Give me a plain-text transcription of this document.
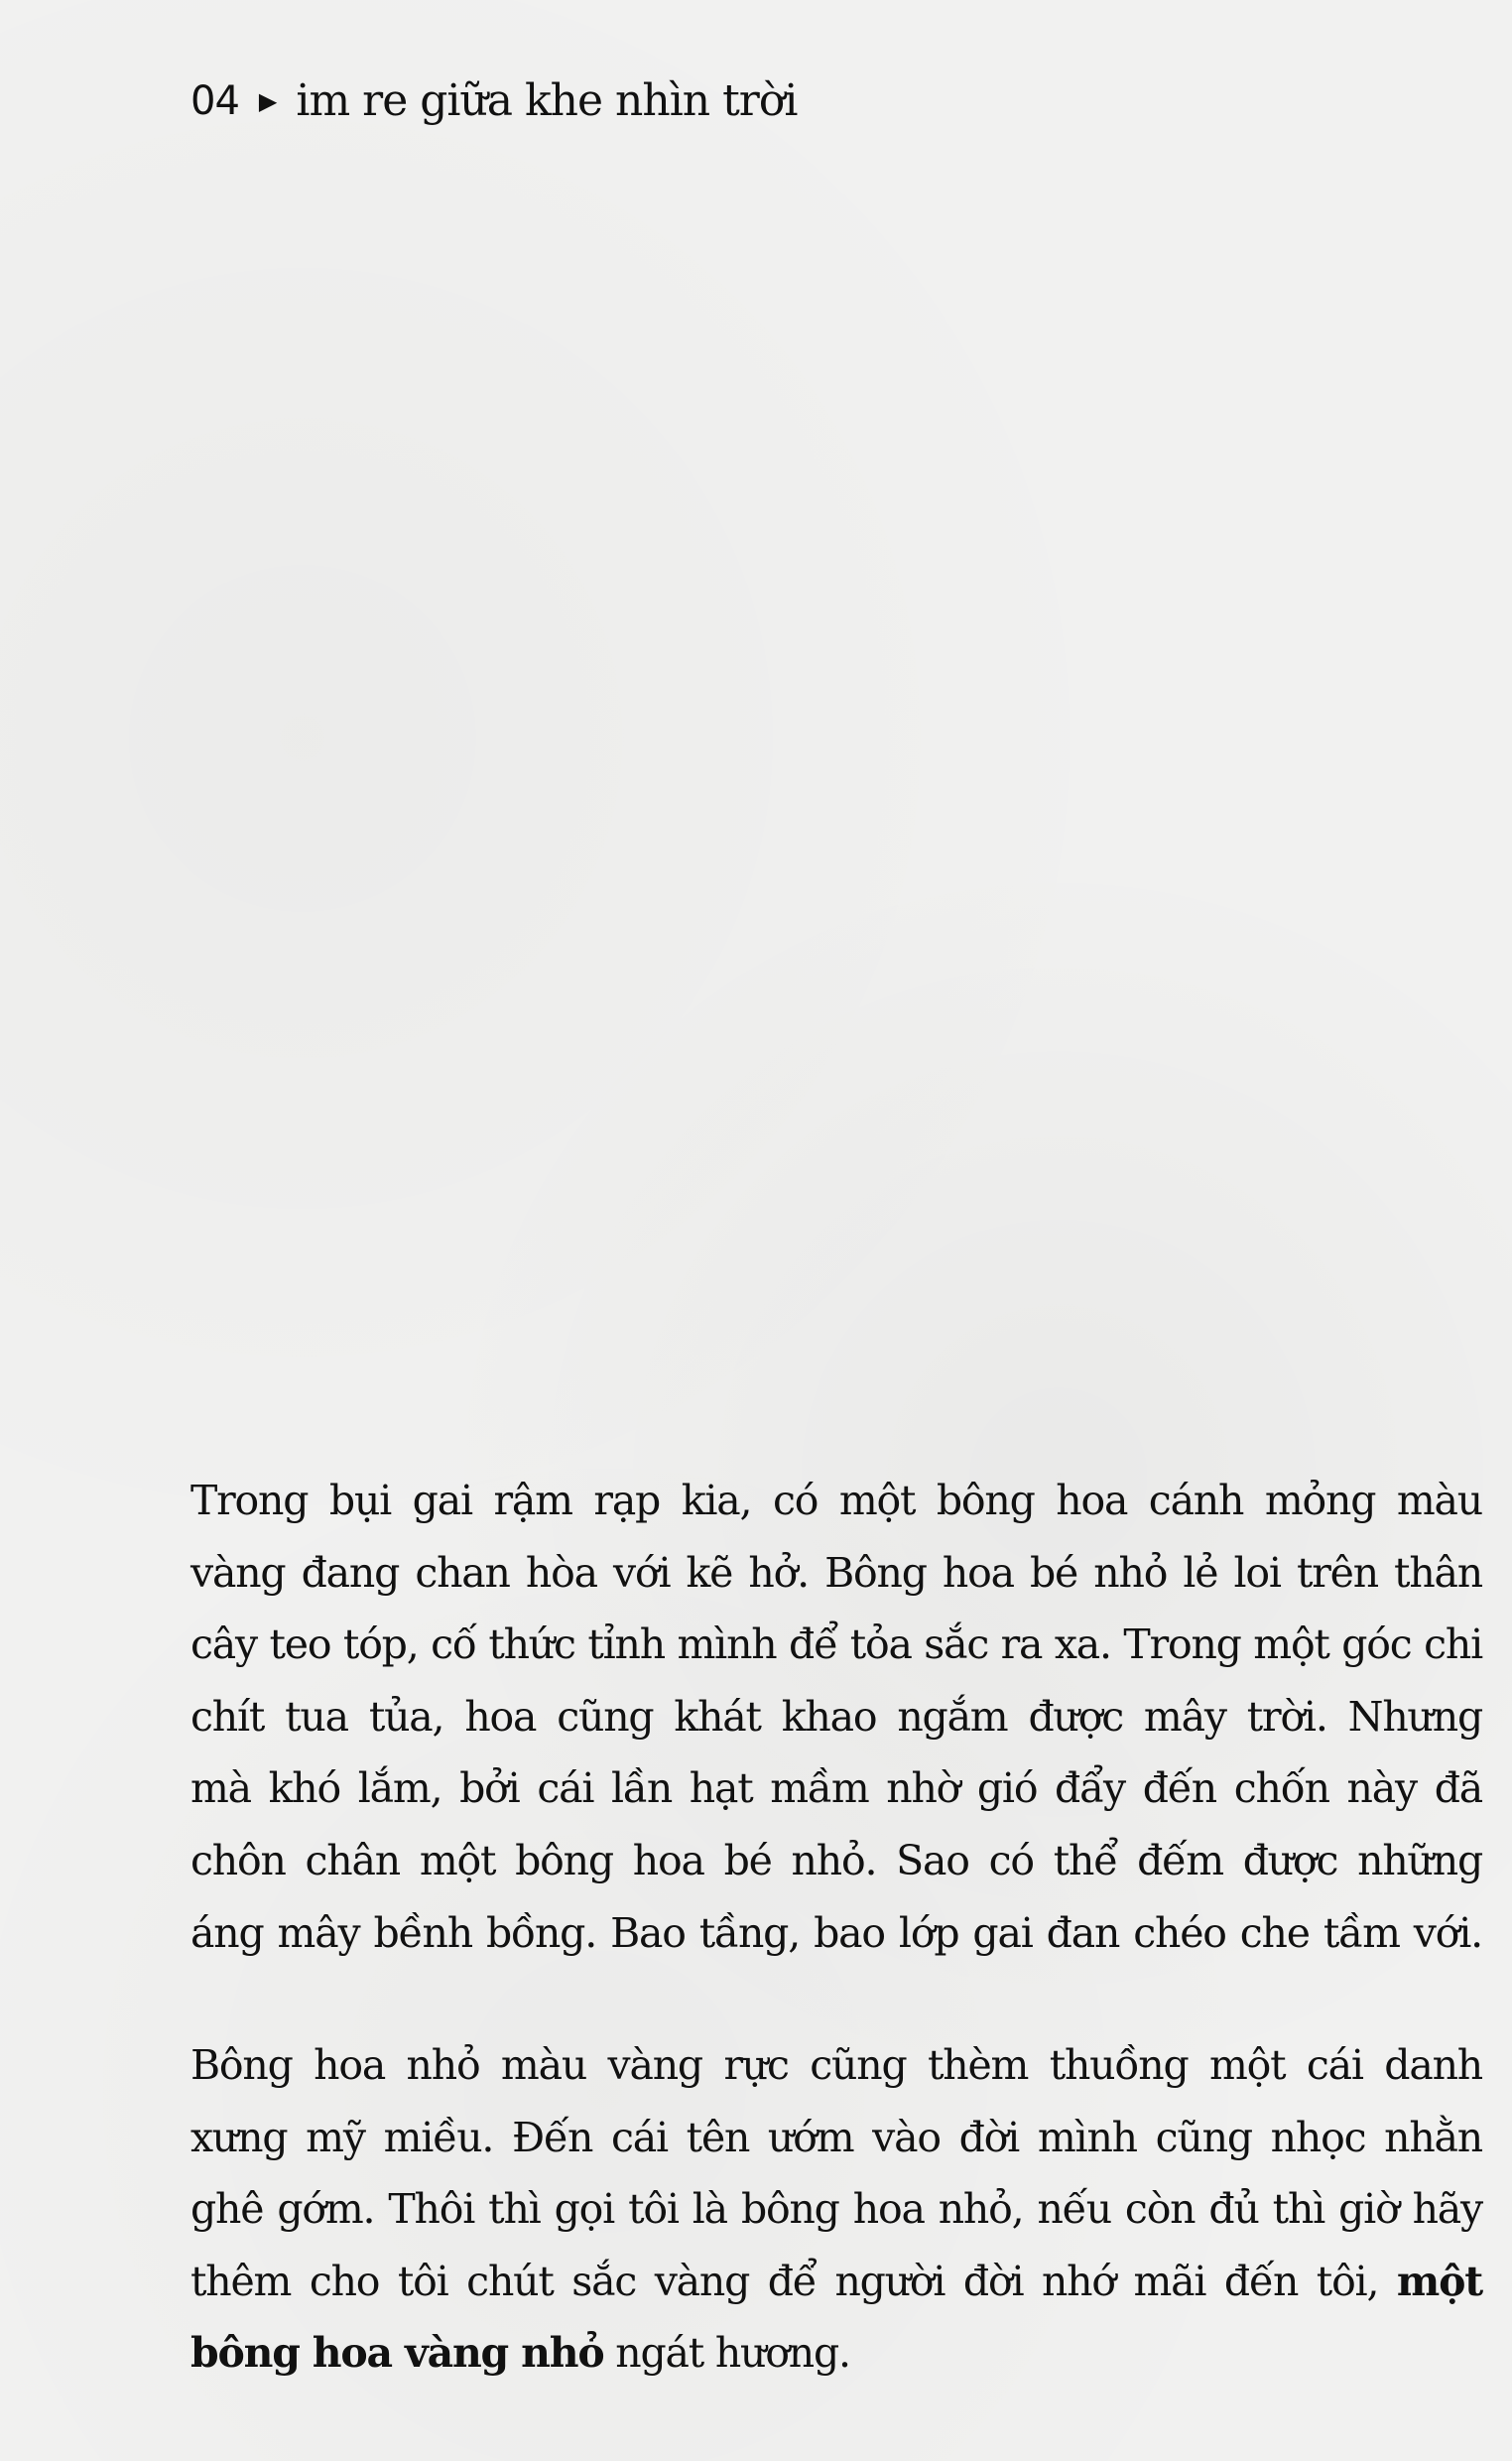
04 ▶ im re giữa khe nhìn trời
Trong bụi gai rậm rạp kia, có một bông hoa cánh mỏng màu
vàng đang chan hòa với kẽ hở. Bông hoa bé nhỏ lẻ loi trên thân
cây teo tóp, cố thức tỉnh mình để tỏa sắc ra xa. Trong một góc chi
chít tua tủa, hoa cũng khát khao ngắm được mây trời. Nhưng
mà khó lắm, bởi cái lần hạt mầm nhờ gió đẩy đến chốn này đã
chôn chân một bông hoa bé nhỏ. Sao có thể đếm được những
áng mây bềnh bồng. Bao tầng, bao lớp gai đan chéo che tầm với.
Bông hoa nhỏ màu vàng rực cũng thèm thuồng một cái danh
xưng mỹ miều. Đến cái tên ướm vào đời mình cũng nhọc nhằn
ghê gớm. Thôi thì gọi tôi là bông hoa nhỏ, nếu còn đủ thì giờ hãy
thêm cho tôi chút sắc vàng để người đời nhớ mãi đến tôi, một
bông hoa vàng nhỏ ngát hương.
